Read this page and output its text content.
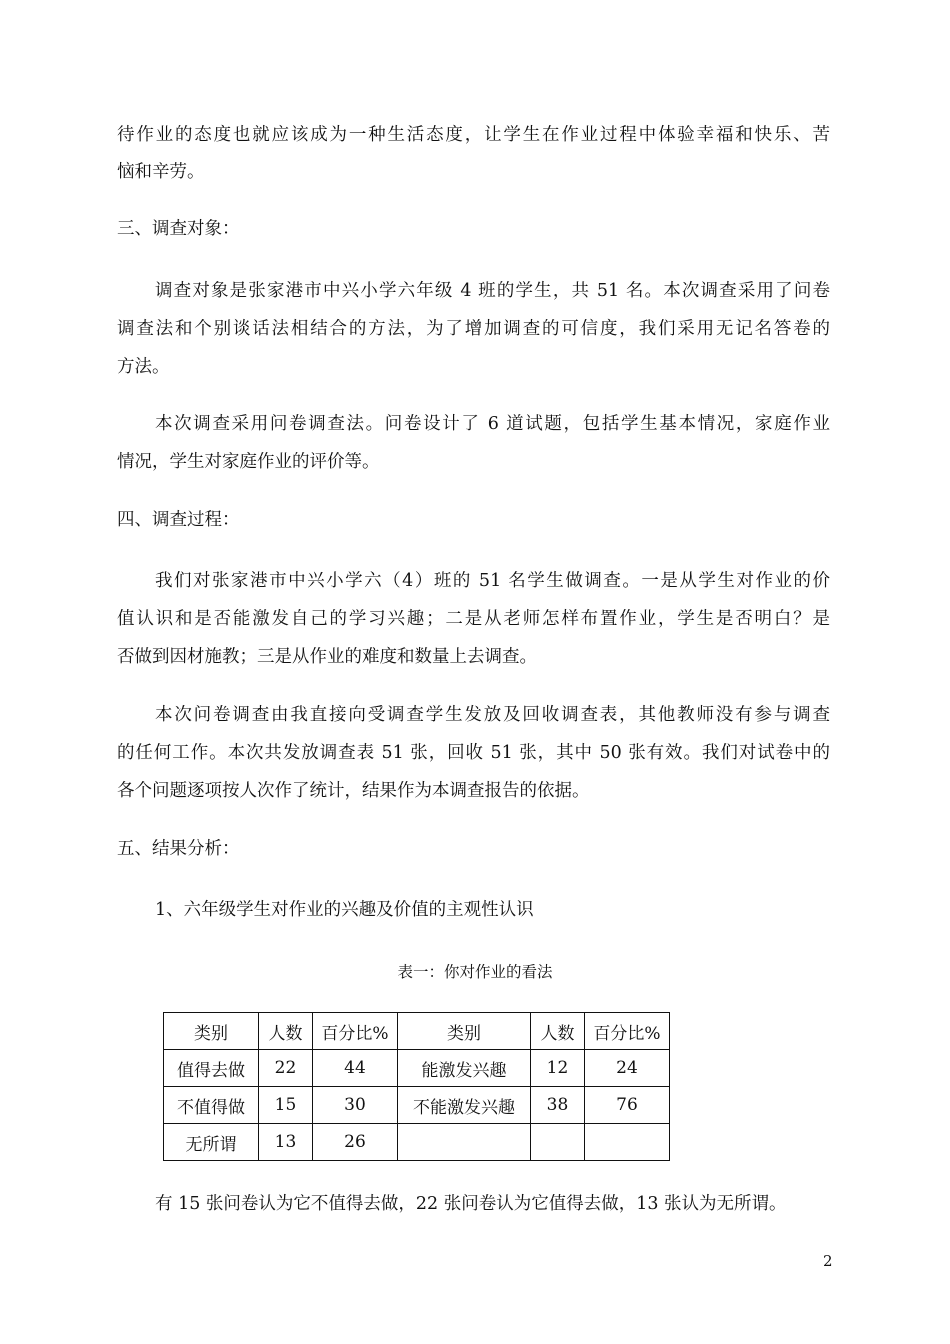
待作业的态度也就应该成为一种生活态度，让学生在作业过程中体验幸福和快乐、苦
恼和辛劳。
三、调查对象：
调查对象是张家港市中兴小学六年级 4 班的学生，共 51 名。本次调查采用了问卷
调查法和个别谈话法相结合的方法，为了增加调查的可信度，我们采用无记名答卷的
方法。
本次调查采用问卷调查法。问卷设计了 6 道试题，包括学生基本情况，家庭作业
情况，学生对家庭作业的评价等。
四、调查过程：
我们对张家港市中兴小学六（4）班的 51 名学生做调查。一是从学生对作业的价
值认识和是否能激发自己的学习兴趣；二是从老师怎样布置作业，学生是否明白？是
否做到因材施教；三是从作业的难度和数量上去调查。
本次问卷调查由我直接向受调查学生发放及回收调查表，其他教师没有参与调查
的任何工作。本次共发放调查表 51 张，回收 51 张，其中 50 张有效。我们对试卷中的
各个问题逐项按人次作了统计，结果作为本调查报告的依据。
五、结果分析：
1、六年级学生对作业的兴趣及价值的主观性认识
表一：你对作业的看法
类别	人数	百分比%	类别	人数	百分比%
值得去做	22	44	能激发兴趣	12	24
不值得做	15	30	不能激发兴趣	38	76
无所谓	13	26			
有 15 张问卷认为它不值得去做，22 张问卷认为它值得去做，13 张认为无所谓。
2
